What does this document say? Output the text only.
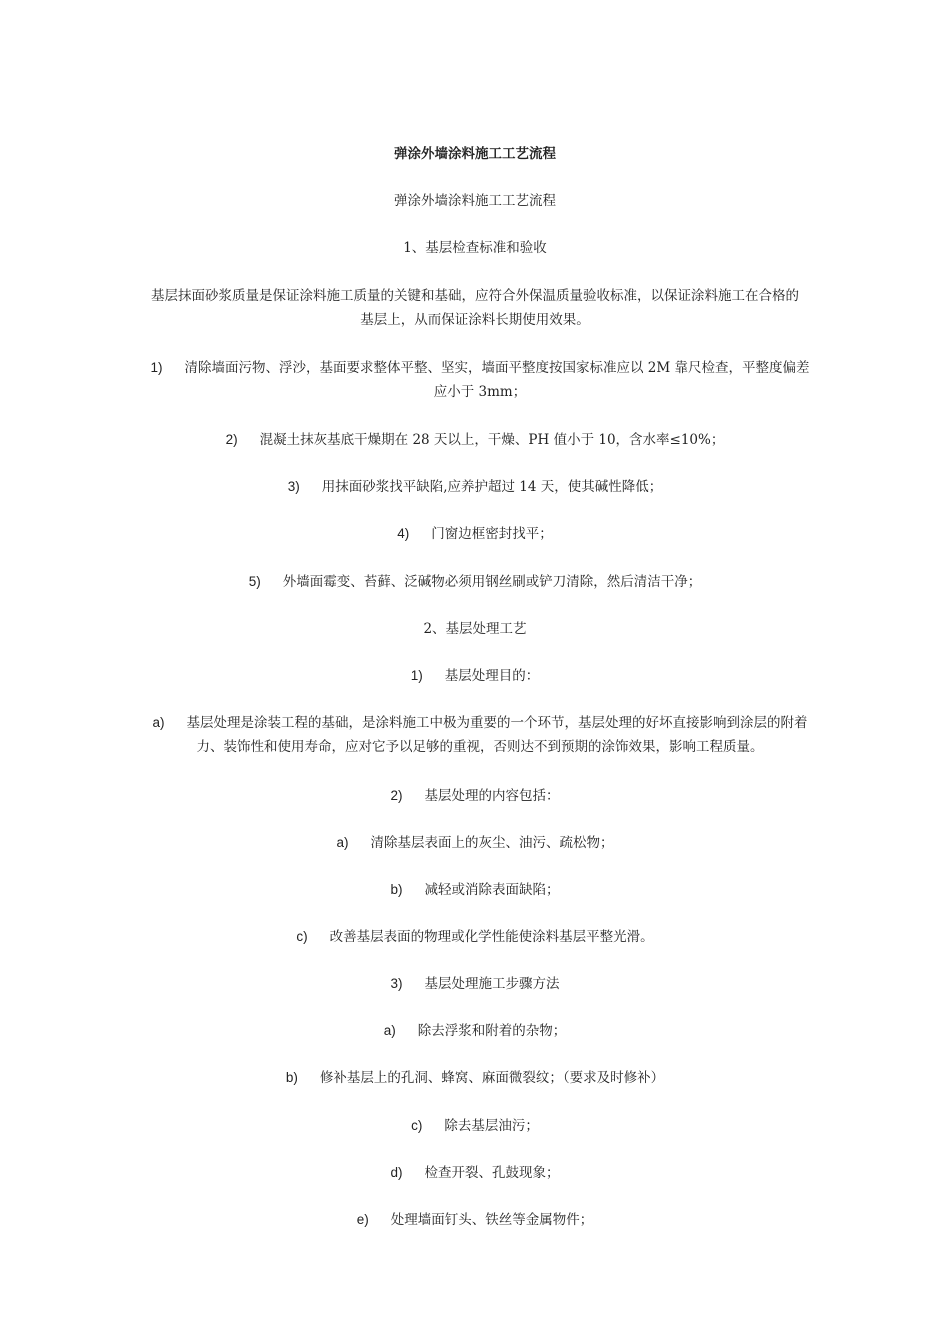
弹涂外墙涂料施工工艺流程
弹涂外墙涂料施工工艺流程
1、基层检查标准和验收
基层抹面砂浆质量是保证涂料施工质量的关键和基础，应符合外保温质量验收标准，以保证涂料施工在合格的基层上，从而保证涂料长期使用效果。
1) 清除墙面污物、浮沙，基面要求整体平整、坚实，墙面平整度按国家标准应以 2M 靠尺检查，平整度偏差应小于 3mm；
2) 混凝土抹灰基底干燥期在 28 天以上，干燥、PH 值小于 10，含水率≤10%；
3) 用抹面砂浆找平缺陷,应养护超过 14 天，使其碱性降低；
4) 门窗边框密封找平；
5) 外墙面霉变、苔藓、泛碱物必须用钢丝刷或铲刀清除，然后清洁干净；
2、基层处理工艺
1) 基层处理目的：
a) 基层处理是涂装工程的基础，是涂料施工中极为重要的一个环节，基层处理的好坏直接影响到涂层的附着力、装饰性和使用寿命，应对它予以足够的重视，否则达不到预期的涂饰效果，影响工程质量。
2) 基层处理的内容包括：
a) 清除基层表面上的灰尘、油污、疏松物；
b) 减轻或消除表面缺陷；
c) 改善基层表面的物理或化学性能使涂料基层平整光滑。
3) 基层处理施工步骤方法
a) 除去浮浆和附着的杂物；
b) 修补基层上的孔洞、蜂窝、麻面微裂纹；（要求及时修补）
c) 除去基层油污；
d) 检查开裂、孔鼓现象；
e) 处理墙面钉头、铁丝等金属物件；
